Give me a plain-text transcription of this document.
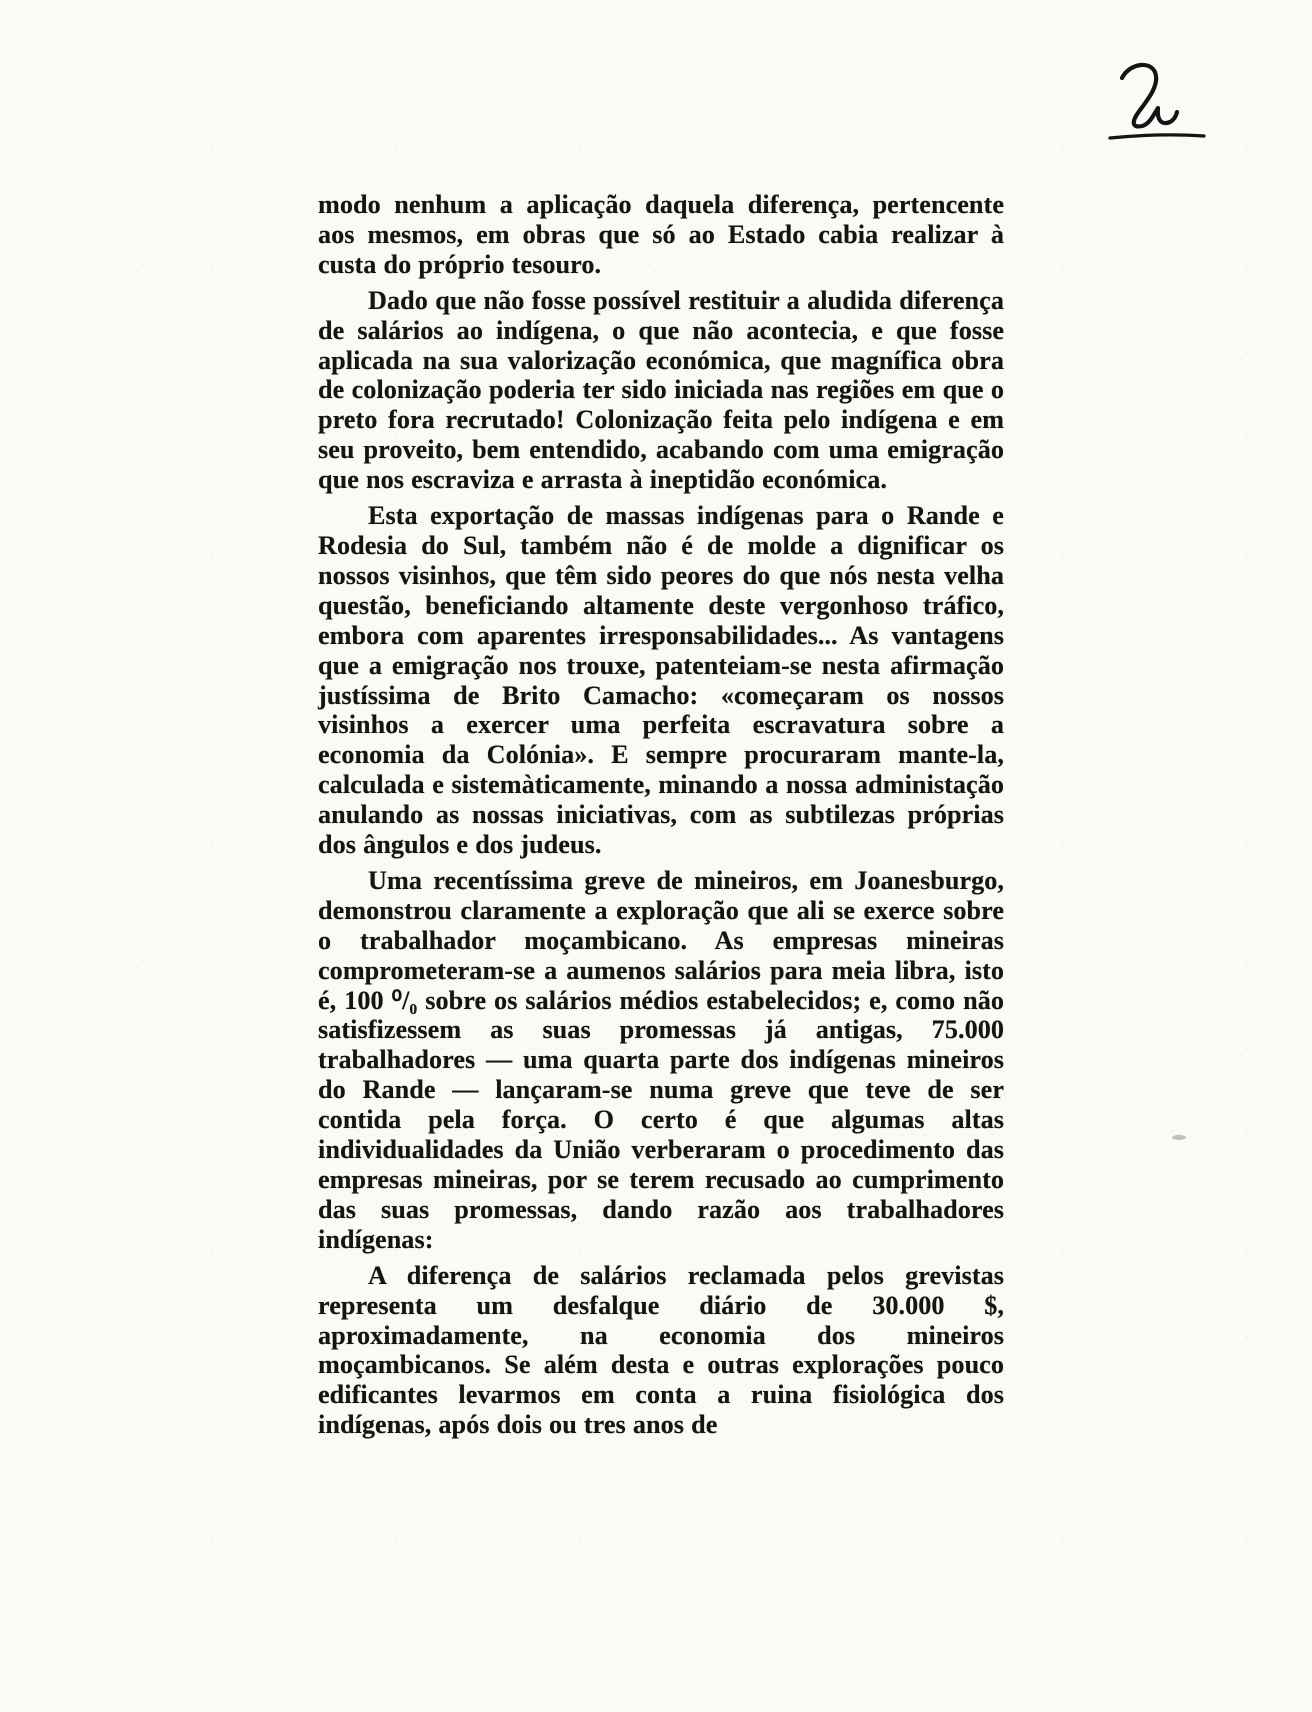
modo nenhum a aplicação daquela diferença, pertencente aos mesmos, em obras que só ao Estado cabia realizar à custa do próprio tesouro.

Dado que não fosse possível restituir a aludida diferença de salários ao indígena, o que não acontecia, e que fosse aplicada na sua valorização económica, que magnífica obra de colonização poderia ter sido iniciada nas regiões em que o preto fora recrutado! Colonização feita pelo indígena e em seu proveito, bem entendido, acabando com uma emigração que nos escraviza e arrasta à ineptidão económica.

Esta exportação de massas indígenas para o Rande e Rodesia do Sul, também não é de molde a dignificar os nossos visinhos, que têm sido peores do que nós nesta velha questão, beneficiando altamente deste vergonhoso tráfico, embora com aparentes irresponsabilidades... As vantagens que a emigração nos trouxe, patenteiam-se nesta afirmação justíssima de Brito Camacho: «começaram os nossos visinhos a exercer uma perfeita escravatura sobre a economia da Colónia». E sempre procuraram mante-la, calculada e sistemàticamente, minando a nossa administação anulando as nossas iniciativas, com as subtilezas próprias dos ângulos e dos judeus.

Uma recentíssima greve de mineiros, em Joanesburgo, demonstrou claramente a exploração que ali se exerce sobre o trabalhador moçambicano. As empresas mineiras comprometeram-se a aumenos salários para meia libra, isto é, 100 ⁰/₀ sobre os salários médios estabelecidos; e, como não satisfizessem as suas promessas já antigas, 75.000 trabalhadores — uma quarta parte dos indígenas mineiros do Rande — lançaram-se numa greve que teve de ser contida pela força. O certo é que algumas altas individualidades da União verberaram o procedimento das empresas mineiras, por se terem recusado ao cumprimento das suas promessas, dando razão aos trabalhadores indígenas:

A diferença de salários reclamada pelos grevistas representa um desfalque diário de 30.000 $, aproximadamente, na economia dos mineiros moçambicanos. Se além desta e outras explorações pouco edificantes levarmos em conta a ruina fisiológica dos indígenas, após dois ou tres anos de
